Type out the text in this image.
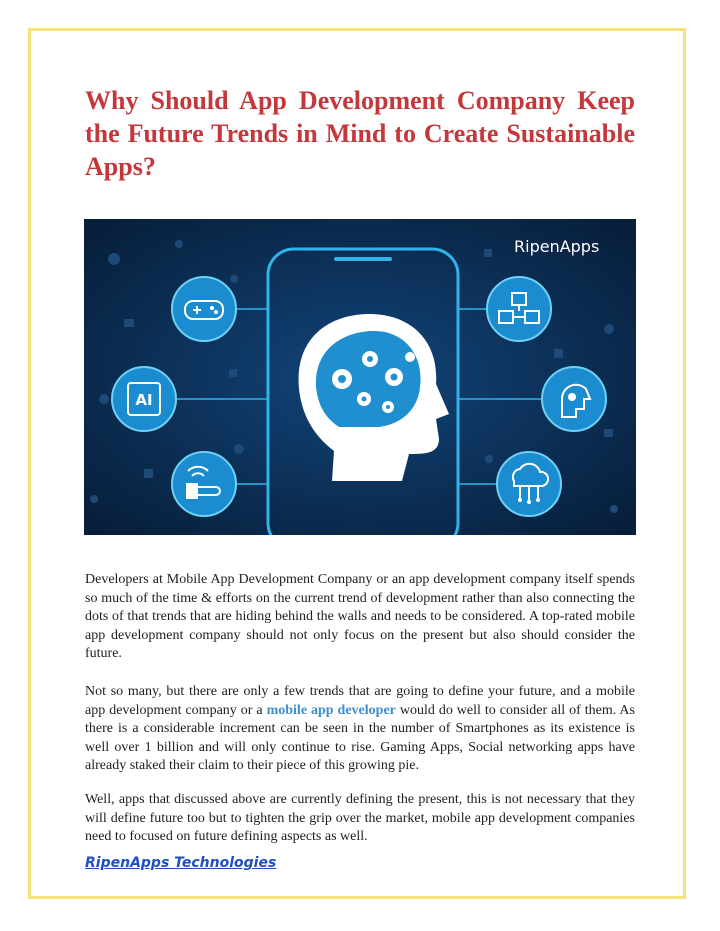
Why Should App Development Company Keep the Future Trends in Mind to Create Sustainable Apps?
AI
RipenApps

Developers at Mobile App Development Company or an app development company itself spends so much of the time & efforts on the current trend of development rather than also connecting the dots of that trends that are hiding behind the walls and needs to be considered. A top-rated mobile app development company should not only focus on the present but also should consider the future.

Not so many, but there are only a few trends that are going to define your future, and a mobile app development company or a mobile app developer would do well to consider all of them. As there is a considerable increment can be seen in the number of Smartphones as its existence is well over 1 billion and will only continue to rise. Gaming Apps, Social networking apps have already staked their claim to their piece of this growing pie.

Well, apps that discussed above are currently defining the present, this is not necessary that they will define future too but to tighten the grip over the market, mobile app development companies need to focused on future defining aspects as well.

RipenApps Technologies
